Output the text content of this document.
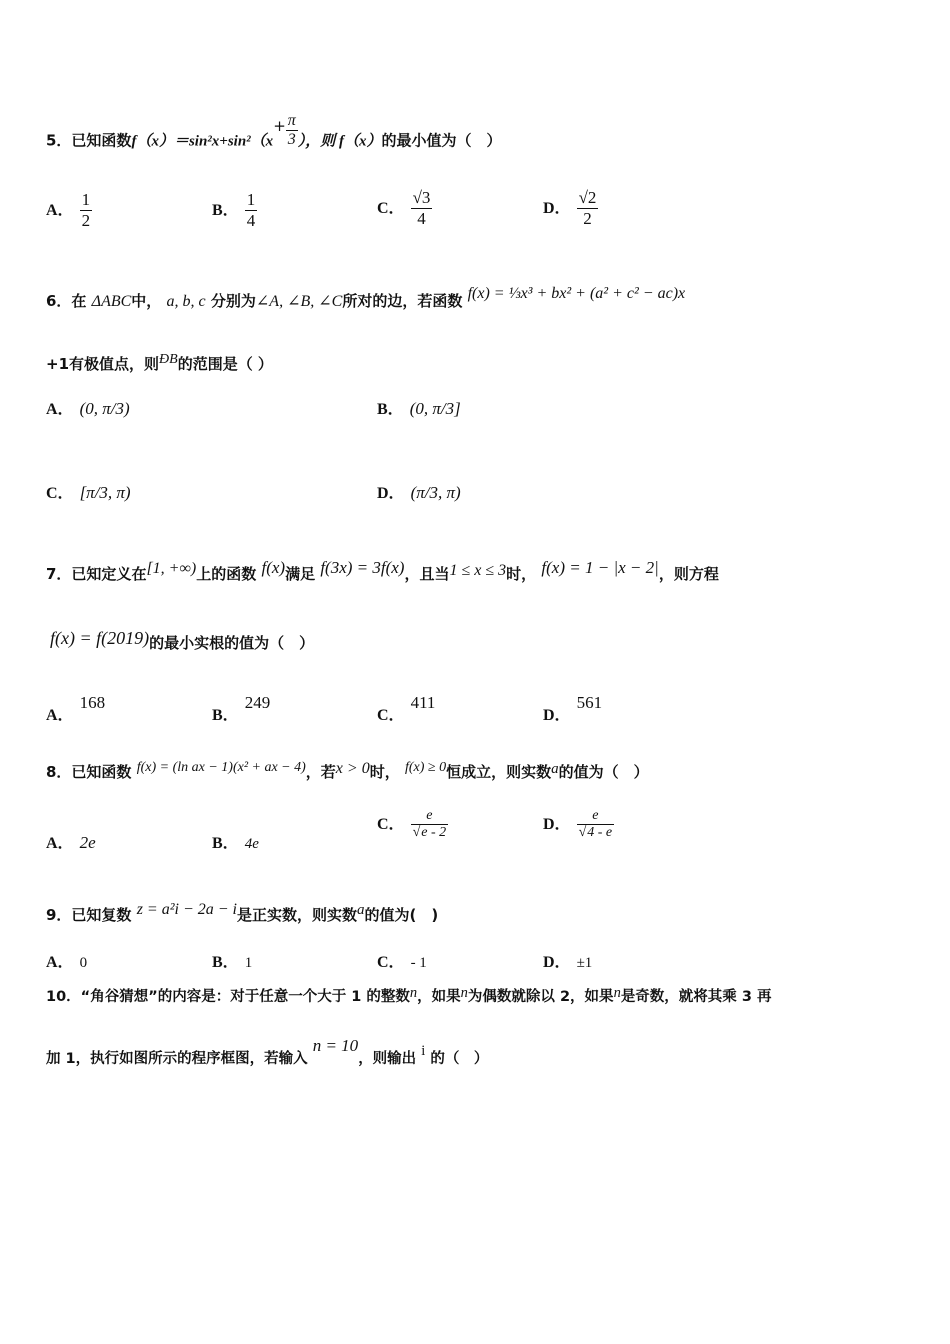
5．已知函数$f(x)=\sin^2x+\sin^2(x+ \frac{\pi}{3}$ ），则 f（x）的最小值为（　）
A． $\frac{1}{2}$	B． $\frac{1}{4}$	C． $\frac{√3}{4}$	D． $\frac{√2}{2}$
6．在 ΔABC中， a, b, c 分别为∠A, ∠B, ∠C所对的边，若函数 f(x) = ⅓x³ + bx² + (a² + c² − ac)x
+1有极值点，则ÐB的范围是（ ）
A． (0, π/3)	B． (0, π/3]
C． [π/3, π)	D． (π/3, π)
7．已知定义在[1, +∞)上的函数 f(x)满足 f(3x) = 3f(x)，且当1 ≤ x ≤ 3时， f(x) = 1 − |x − 2|，则方程
f(x) = f(2019)的最小实根的值为（　）
A．168
B．249
C．411
D．561
8．已知函数 f(x) = (ln ax − 1)(x² + ax − 4)，若x > 0时， f(x) ≥ 0恒成立，则实数a的值为（　）
A． 2e	B． 4e
C． $\frac{e}{√e - 2}$	D． $\frac{e}{√4 - e}$
9．已知复数 z = a²i − 2a − i是正实数，则实数a的值为(　)
A． 0	B． 1	C． - 1	D． ±1
10．“角谷猜想”的内容是：对于任意一个大于 1 的整数n，如果n为偶数就除以 2，如果n是奇数，就将其乘 3 再
加 1，执行如图所示的程序框图，若输入 n = 10，则输出 i 的（　）
